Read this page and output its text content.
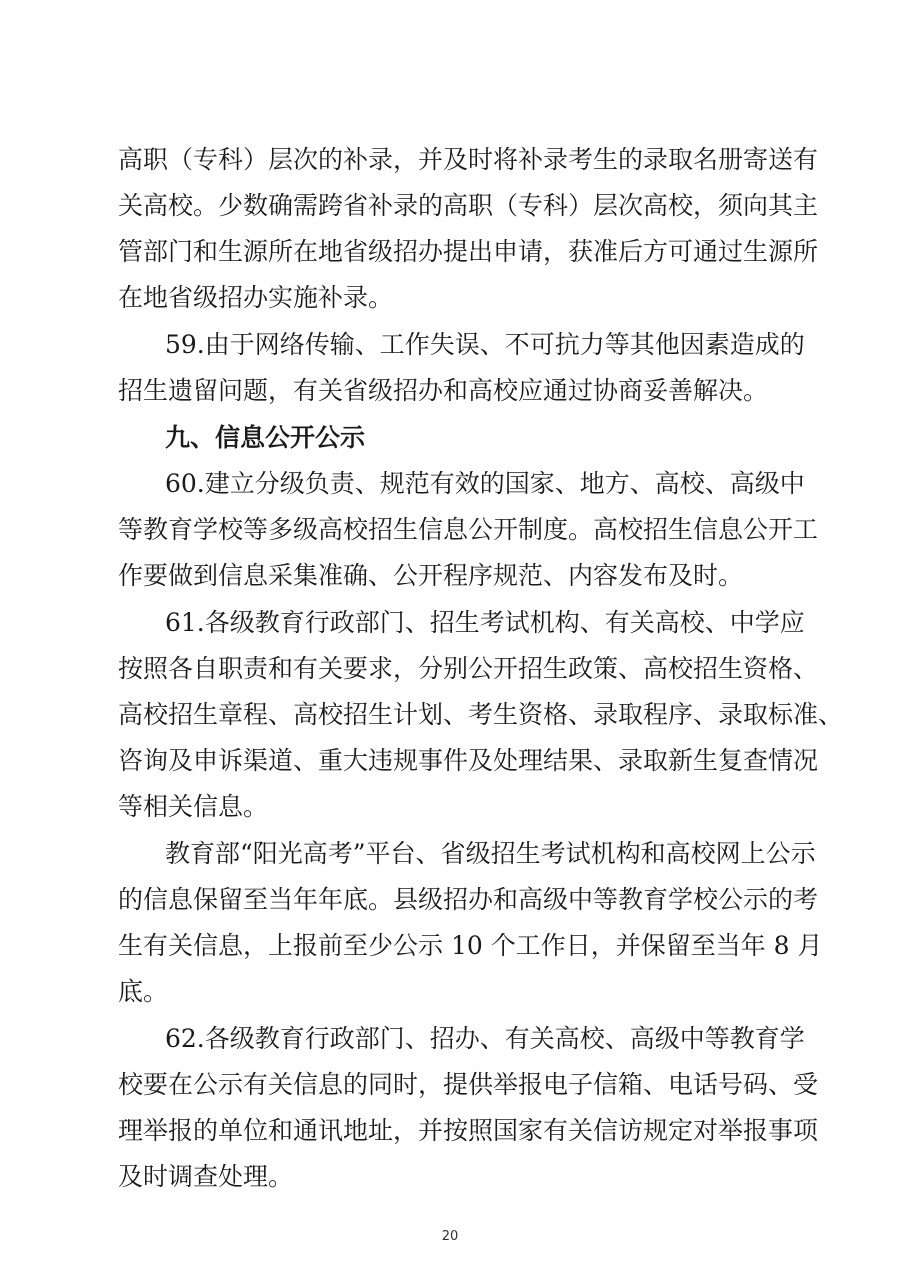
高职（专科）层次的补录，并及时将补录考生的录取名册寄送有
关高校。少数确需跨省补录的高职（专科）层次高校，须向其主
管部门和生源所在地省级招办提出申请，获准后方可通过生源所
在地省级招办实施补录。
59.由于网络传输、工作失误、不可抗力等其他因素造成的
招生遗留问题，有关省级招办和高校应通过协商妥善解决。
九、信息公开公示
60.建立分级负责、规范有效的国家、地方、高校、高级中
等教育学校等多级高校招生信息公开制度。高校招生信息公开工
作要做到信息采集准确、公开程序规范、内容发布及时。
61.各级教育行政部门、招生考试机构、有关高校、中学应
按照各自职责和有关要求，分别公开招生政策、高校招生资格、
高校招生章程、高校招生计划、考生资格、录取程序、录取标准、
咨询及申诉渠道、重大违规事件及处理结果、录取新生复查情况
等相关信息。
教育部“阳光高考”平台、省级招生考试机构和高校网上公示
的信息保留至当年年底。县级招办和高级中等教育学校公示的考
生有关信息，上报前至少公示 10 个工作日，并保留至当年 8 月
底。
62.各级教育行政部门、招办、有关高校、高级中等教育学
校要在公示有关信息的同时，提供举报电子信箱、电话号码、受
理举报的单位和通讯地址，并按照国家有关信访规定对举报事项
及时调查处理。
20
